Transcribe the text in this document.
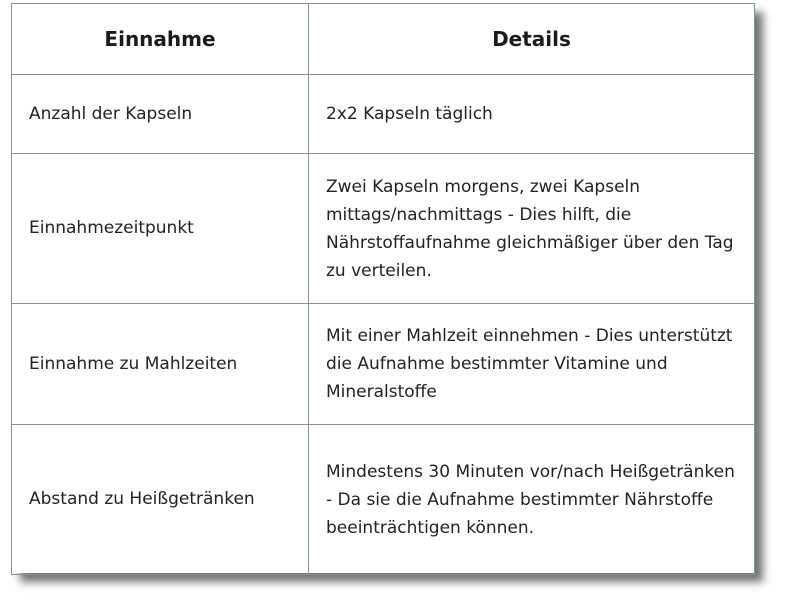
Einnahme	Details
Anzahl der Kapseln	2x2 Kapseln täglich
Einnahmezeitpunkt	Zwei Kapseln morgens, zwei Kapseln mittags/nachmittags - Dies hilft, die Nährstoffaufnahme gleichmäßiger über den Tag zu verteilen.
Einnahme zu Mahlzeiten	Mit einer Mahlzeit einnehmen - Dies unterstützt die Aufnahme bestimmter Vitamine und Mineralstoffe
Abstand zu Heißgetränken	Mindestens 30 Minuten vor/nach Heißgetränken - Da sie die Aufnahme bestimmter Nährstoffe beeinträchtigen können.
